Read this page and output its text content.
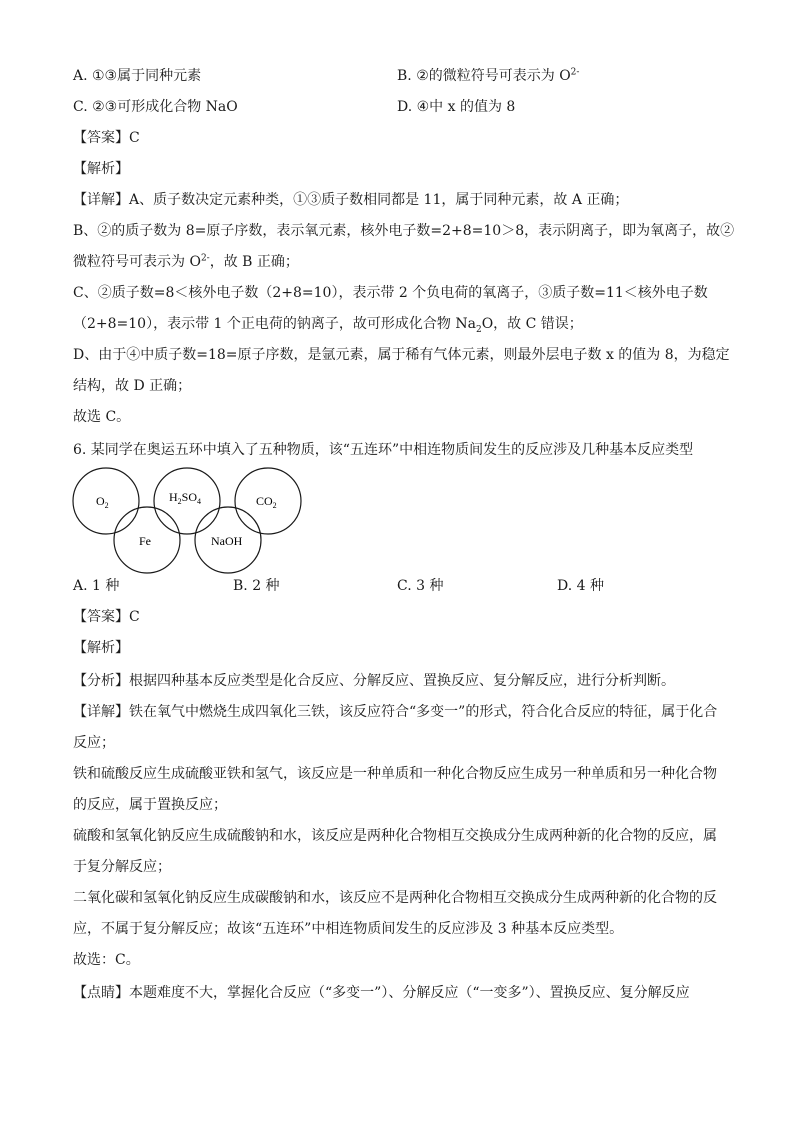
A. ①③属于同种元素	B. ②的微粒符号可表示为 $O^{2-}$
C. ②③可形成化合物 NaO	D. ④中 x 的值为 8
【答案】C
【解析】
【详解】A、质子数决定元素种类，①③质子数相同都是 11，属于同种元素，故 A 正确；
B、②的质子数为 8=原子序数，表示氧元素，核外电子数=2+8=10＞8，表示阴离子，即为氧离子，故②
微粒符号可表示为 $O^{2-}$，故 B 正确；
C、②质子数=8＜核外电子数（2+8=10），表示带 2 个负电荷的氧离子，③质子数=11＜核外电子数
（2+8=10），表示带 1 个正电荷的钠离子，故可形成化合物 $Na_2O$，故 C 错误；
D、由于④中质子数=18=原子序数，是氩元素，属于稀有气体元素，则最外层电子数 x 的值为 8，为稳定
结构，故 D 正确；
故选 C。
6. 某同学在奥运五环中填入了五种物质，该“五连环”中相连物质间发生的反应涉及几种基本反应类型
$O_2$
$H_2SO_4$	$CO_2$
Fe	NaOH
A. 1 种	B. 2 种	C. 3 种	D. 4 种
【答案】C
【解析】
【分析】根据四种基本反应类型是化合反应、分解反应、置换反应、复分解反应，进行分析判断。
【详解】铁在氧气中燃烧生成四氧化三铁，该反应符合“多变一”的形式，符合化合反应的特征，属于化合
反应；
铁和硫酸反应生成硫酸亚铁和氢气，该反应是一种单质和一种化合物反应生成另一种单质和另一种化合物
的反应，属于置换反应；
硫酸和氢氧化钠反应生成硫酸钠和水，该反应是两种化合物相互交换成分生成两种新的化合物的反应，属
于复分解反应；
二氧化碳和氢氧化钠反应生成碳酸钠和水，该反应不是两种化合物相互交换成分生成两种新的化合物的反
应，不属于复分解反应；故该“五连环”中相连物质间发生的反应涉及 3 种基本反应类型。
故选：C。
【点睛】本题难度不大，掌握化合反应（“多变一”）、分解反应（“一变多”）、置换反应、复分解反应
